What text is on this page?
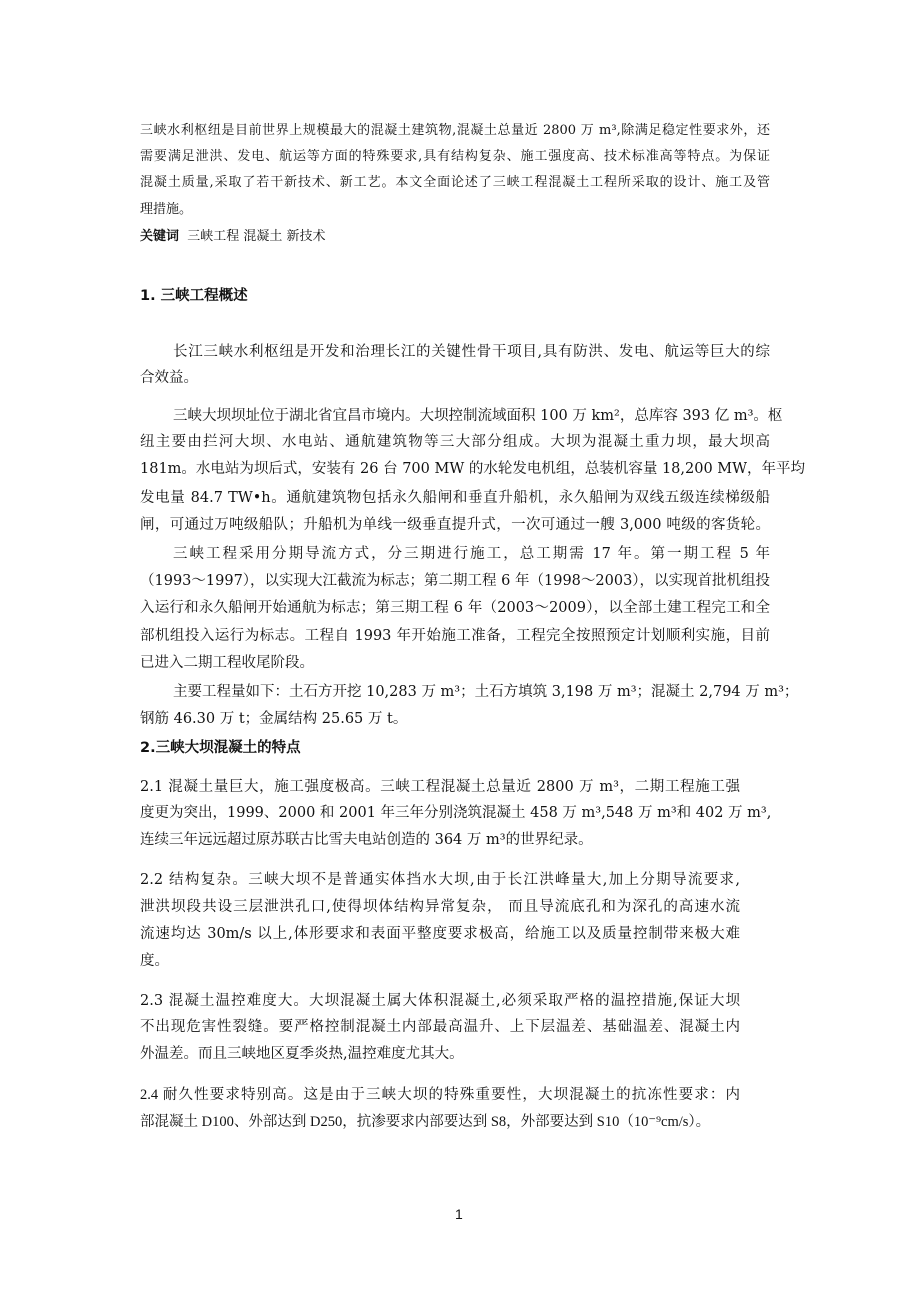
三峡水利枢纽是目前世界上规模最大的混凝土建筑物,混凝土总量近 2800 万 m³,除满足稳定性要求外，还
需要满足泄洪、发电、航运等方面的特殊要求,具有结构复杂、施工强度高、技术标准高等特点。为保证
混凝土质量,采取了若干新技术、新工艺。本文全面论述了三峡工程混凝土工程所采取的设计、施工及管
理措施。
关键词 三峡工程 混凝土 新技术
1. 三峡工程概述
长江三峡水利枢纽是开发和治理长江的关键性骨干项目,具有防洪、发电、航运等巨大的综
合效益。
三峡大坝坝址位于湖北省宜昌市境内。大坝控制流域面积 100 万 km²，总库容 393 亿 m³。枢
纽主要由拦河大坝、水电站、通航建筑物等三大部分组成。大坝为混凝土重力坝，最大坝高
181m。水电站为坝后式，安装有 26 台 700 MW 的水轮发电机组，总装机容量 18,200 MW，年平均
发电量 84.7 TW•h。通航建筑物包括永久船闸和垂直升船机，永久船闸为双线五级连续梯级船
闸，可通过万吨级船队；升船机为单线一级垂直提升式，一次可通过一艘 3,000 吨级的客货轮。
三峡工程采用分期导流方式，分三期进行施工，总工期需 17 年。第一期工程 5 年
（1993～1997），以实现大江截流为标志；第二期工程 6 年（1998～2003），以实现首批机组投
入运行和永久船闸开始通航为标志；第三期工程 6 年（2003～2009），以全部土建工程完工和全
部机组投入运行为标志。工程自 1993 年开始施工准备，工程完全按照预定计划顺利实施，目前
已进入二期工程收尾阶段。
主要工程量如下：土石方开挖 10,283 万 m³；土石方填筑 3,198 万 m³；混凝土 2,794 万 m³；
钢筋 46.30 万 t；金属结构 25.65 万 t。
2.三峡大坝混凝土的特点
2.1 混凝土量巨大，施工强度极高。三峡工程混凝土总量近 2800 万 m³，二期工程施工强
度更为突出，1999、2000 和 2001 年三年分别浇筑混凝土 458 万 m³,548 万 m³和 402 万 m³,
连续三年远远超过原苏联古比雪夫电站创造的 364 万 m³的世界纪录。
2.2 结构复杂。三峡大坝不是普通实体挡水大坝,由于长江洪峰量大,加上分期导流要求,
泄洪坝段共设三层泄洪孔口,使得坝体结构异常复杂， 而且导流底孔和为深孔的高速水流
流速均达 30m/s 以上,体形要求和表面平整度要求极高，给施工以及质量控制带来极大难
度。
2.3 混凝土温控难度大。大坝混凝土属大体积混凝土,必须采取严格的温控措施,保证大坝
不出现危害性裂缝。要严格控制混凝土内部最高温升、上下层温差、基础温差、混凝土内
外温差。而且三峡地区夏季炎热,温控难度尤其大。
2.4 耐久性要求特别高。这是由于三峡大坝的特殊重要性，大坝混凝土的抗冻性要求：内
部混凝土 D100、外部达到 D250，抗渗要求内部要达到 S8，外部要达到 S10（10⁻⁹cm/s）。
1
